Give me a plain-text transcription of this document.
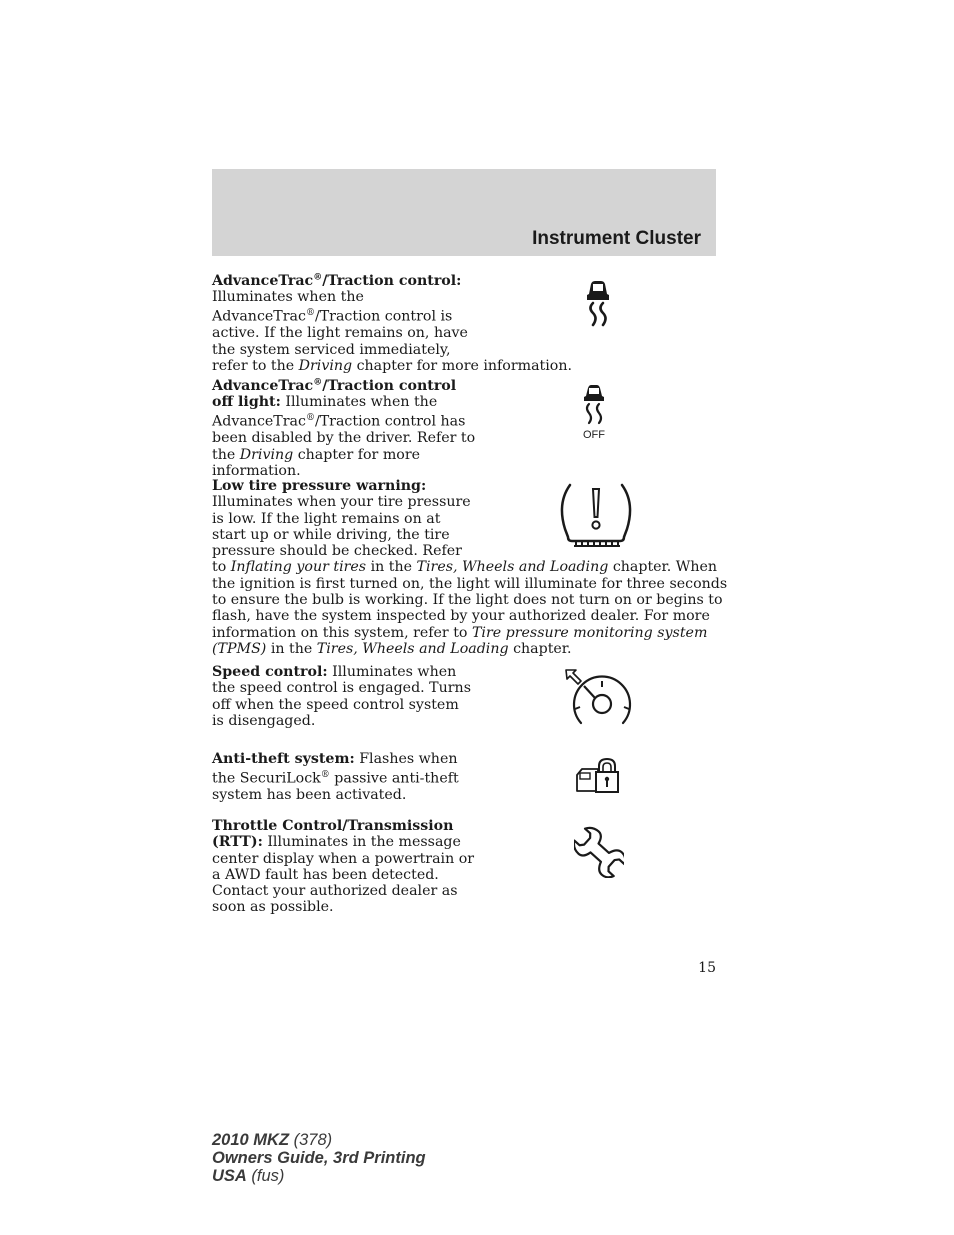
Instrument Cluster

AdvanceTrac®/Traction control:

Illuminates when the

AdvanceTrac®/Traction control is

active. If the light remains on, have

the system serviced immediately,

refer to the Driving chapter for more information.

AdvanceTrac®/Traction control

off light: Illuminates when the

AdvanceTrac®/Traction control has

been disabled by the driver. Refer to

the Driving chapter for more

information.

OFF

Low tire pressure warning:

Illuminates when your tire pressure

is low. If the light remains on at

start up or while driving, the tire

pressure should be checked. Refer

to Inflating your tires in the Tires, Wheels and Loading chapter. When

the ignition is first turned on, the light will illuminate for three seconds

to ensure the bulb is working. If the light does not turn on or begins to

flash, have the system inspected by your authorized dealer. For more

information on this system, refer to Tire pressure monitoring system

(TPMS) in the Tires, Wheels and Loading chapter.

Speed control: Illuminates when

the speed control is engaged. Turns

off when the speed control system

is disengaged.

Anti-theft system: Flashes when

the SecuriLock® passive anti-theft

system has been activated.

Throttle Control/Transmission

(RTT): Illuminates in the message

center display when a powertrain or

a AWD fault has been detected.

Contact your authorized dealer as

soon as possible.

15

2010 MKZ (378)
Owners Guide, 3rd Printing
USA (fus)
